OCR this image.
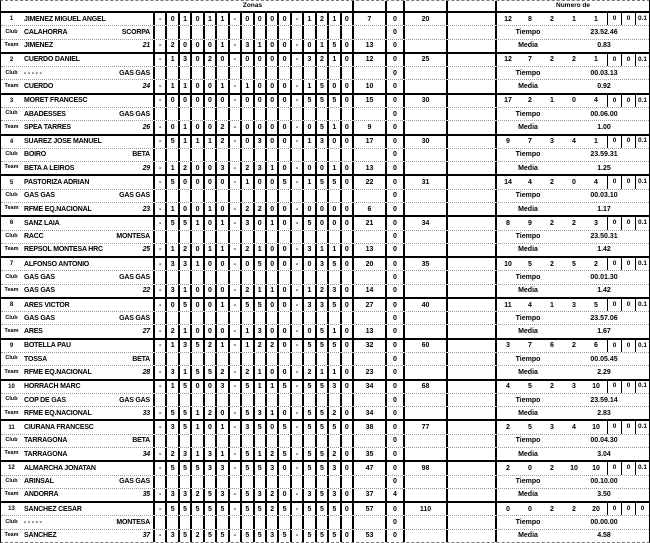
Zonas	Numero de
1	JIMENEZ MIGUEL ANGEL	-	0	1	0	1	1	-	0	0	0	0	-	1	2	1	0	7	0	20	12	8	2	1	1	0	0	0.1
Club CALAHORRA	SCORPA	0	Tiempo	23.52.46
Team JIMENEZ	21	-	2	0	0	0	1	-	3	1	0	0	-	0	1	5	0	13	0	Media	0.83
2	CUERDO DANIEL	-	1	3	0	2	0	-	0	0	0	0	-	3	2	1	0	12	0	25	12	7	2	2	1	0	0	0.1
Club - - - - -	GAS GAS	0	Tiempo	00.03.13
Team CUERDO	24	-	1	1	0	0	1	-	1	0	0	0	-	1	5	0	0	10	0	Media	0.92
3	MORET FRANCESC	-	0	0	0	0	0	-	0	0	0	0	-	5	5	5	0	15	0	30	17	2	1	0	4	0	0	0.1
Club ABADESSES	GAS GAS	0	Tiempo	00.06.00
Team SPEA TARRES	26	-	0	1	0	0	2	-	0	0	0	0	-	0	5	1	0	9	0	Media	1.00
4	SUAREZ JOSE MANUEL	-	5	1	1	1	2	-	0	3	0	0	-	1	3	0	0	17	0	30	9	7	3	4	1	0	0	0.1
Club BOIRO	BETA	0	Tiempo	23.59.31
Team BETA A LEIROS	29	-	1	2	0	0	3	-	2	3	1	0	-	0	0	1	0	13	0	Media	1.25
5	PASTORIZA ADRIAN	-	5	0	0	0	0	-	1	0	0	5	-	1	5	5	0	22	0	31	14	4	2	0	4	0	0	0.1
Club GAS GAS	GAS GAS	0	Tiempo	00.03.10
Team RFME EQ.NACIONAL	23	-	1	0	0	1	0	-	2	2	0	0	-	0	0	0	0	6	0	Media	1.17
6	SANZ LAIA	-	5	5	1	0	1	-	3	0	1	0	-	5	0	0	0	21	0	34	8	9	2	2	3	0	0	0.1
Club RACC	MONTESA	0	Tiempo	23.50.31
Team REPSOL MONTESA HRC	25	-	1	2	0	1	1	-	2	1	0	0	-	3	1	1	0	13	0	Media	1.42
7	ALFONSO ANTONIO	-	3	3	1	0	0	-	0	5	0	0	-	0	3	5	0	20	0	35	10	5	2	5	2	0	0	0.1
Club GAS GAS	GAS GAS	0	Tiempo	00.01.30
Team GAS GAS	22	-	3	1	0	0	0	-	2	1	1	0	-	1	2	3	0	14	0	Media	1.42
8	ARES VICTOR	-	0	5	0	0	1	-	5	5	0	0	-	3	3	5	0	27	0	40	11	4	1	3	5	0	0	0.1
Club GAS GAS	GAS GAS	0	Tiempo	23.57.06
Team ARES	27	-	2	1	0	0	0	-	1	3	0	0	-	0	5	1	0	13	0	Media	1.67
9	BOTELLA PAU	-	1	3	5	2	1	-	1	2	2	0	-	5	5	5	0	32	0	60	3	7	6	2	6	0	0	0.1
Club TOSSA	BETA	0	Tiempo	00.05.45
Team RFME EQ.NACIONAL	28	-	3	1	5	5	2	-	2	1	0	0	-	2	1	1	0	23	0	Media	2.29
10	HORRACH MARC	-	1	5	0	0	3	-	5	1	1	5	-	5	5	3	0	34	0	68	4	5	2	3	10	0	0	0.1
Club COP DE GAS	GAS GAS	0	Tiempo	23.59.14
Team RFME EQ.NACIONAL	33	-	5	5	1	2	0	-	5	3	1	0	-	5	5	2	0	34	0	Media	2.83
11	CIURANA FRANCESC	-	3	5	1	0	1	-	3	5	0	5	-	5	5	5	0	38	0	77	2	5	3	4	10	0	0	0.1
Club TARRAGONA	BETA	0	Tiempo	00.04.30
Team TARRAGONA	34	-	2	3	1	3	1	-	5	1	2	5	-	5	5	2	0	35	0	Media	3.04
12	ALMARCHA JONATAN	-	5	5	5	3	3	-	5	5	3	0	-	5	5	3	0	47	0	98	2	0	2	10	10	0	0	0.1
Club ARINSAL	GAS GAS	0	Tiempo	00.10.00
Team ANDORRA	35	-	3	3	2	5	3	-	5	3	2	0	-	3	5	3	0	37	4	Media	3.50
13	SANCHEZ CESAR	-	5	5	5	5	5	-	5	5	2	5	-	5	5	5	0	57	0	110	0	0	2	2	20	0	0	0
Club - - - - -	MONTESA	0	Tiempo	00.00.00
Team SANCHEZ	37	-	3	5	2	5	5	-	5	5	3	5	-	5	5	5	0	53	0	Media	4.58
